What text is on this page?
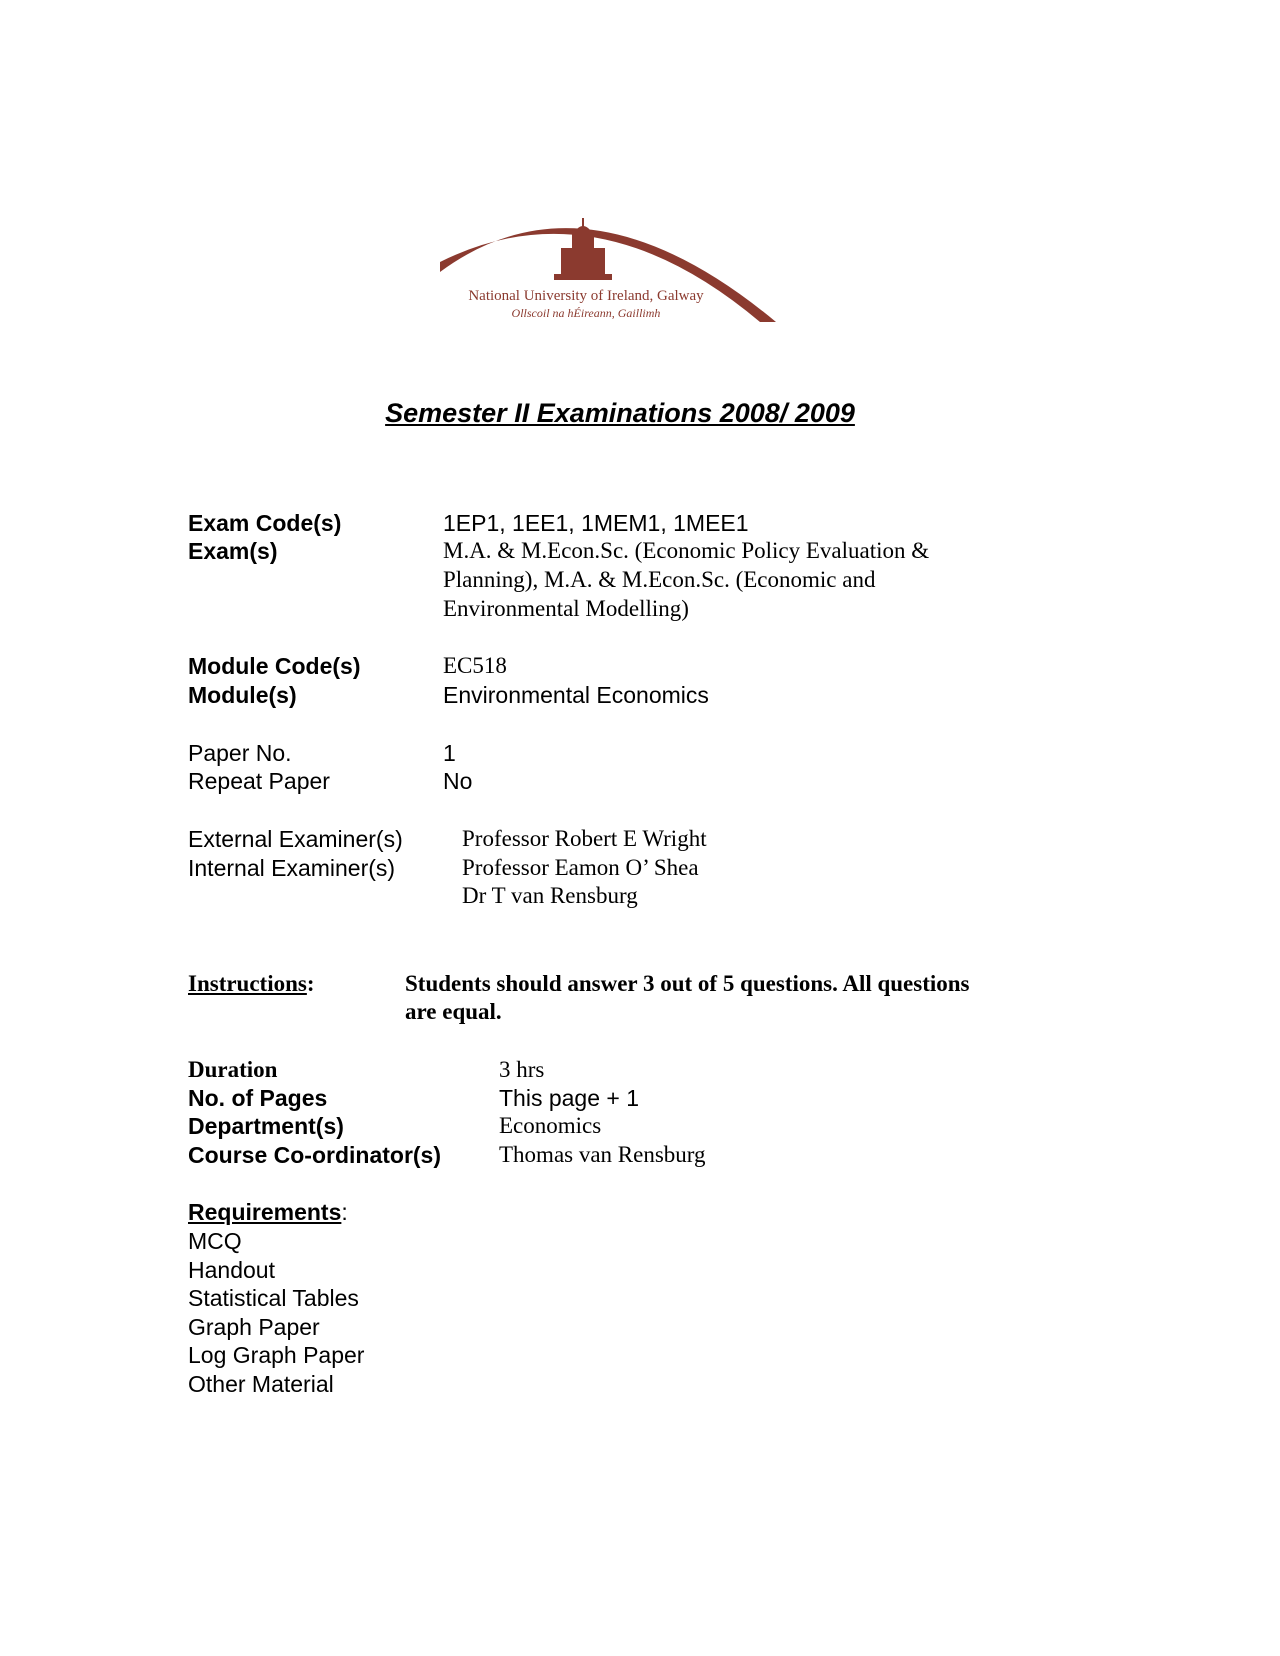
National University of Ireland, Galway
Ollscoil na hÉireann, Gaillimh
Semester II Examinations 2008/ 2009
Exam Code(s)	1EP1, 1EE1, 1MEM1, 1MEE1
Exam(s)	M.A. & M.Econ.Sc. (Economic Policy Evaluation &
Planning), M.A. & M.Econ.Sc. (Economic and
Environmental Modelling)
Module Code(s)	EC518
Module(s)	Environmental Economics
Paper No.	1
Repeat Paper	No
External Examiner(s)	Professor Robert E Wright
Internal Examiner(s)	Professor Eamon O’ Shea
Dr T van Rensburg
Instructions:	Students should answer 3 out of 5 questions. All questions
are equal.
Duration	3 hrs
No. of Pages	This page + 1
Department(s)	Economics
Course Co-ordinator(s)	Thomas van Rensburg
Requirements:
MCQ
Handout
Statistical Tables
Graph Paper
Log Graph Paper
Other Material
